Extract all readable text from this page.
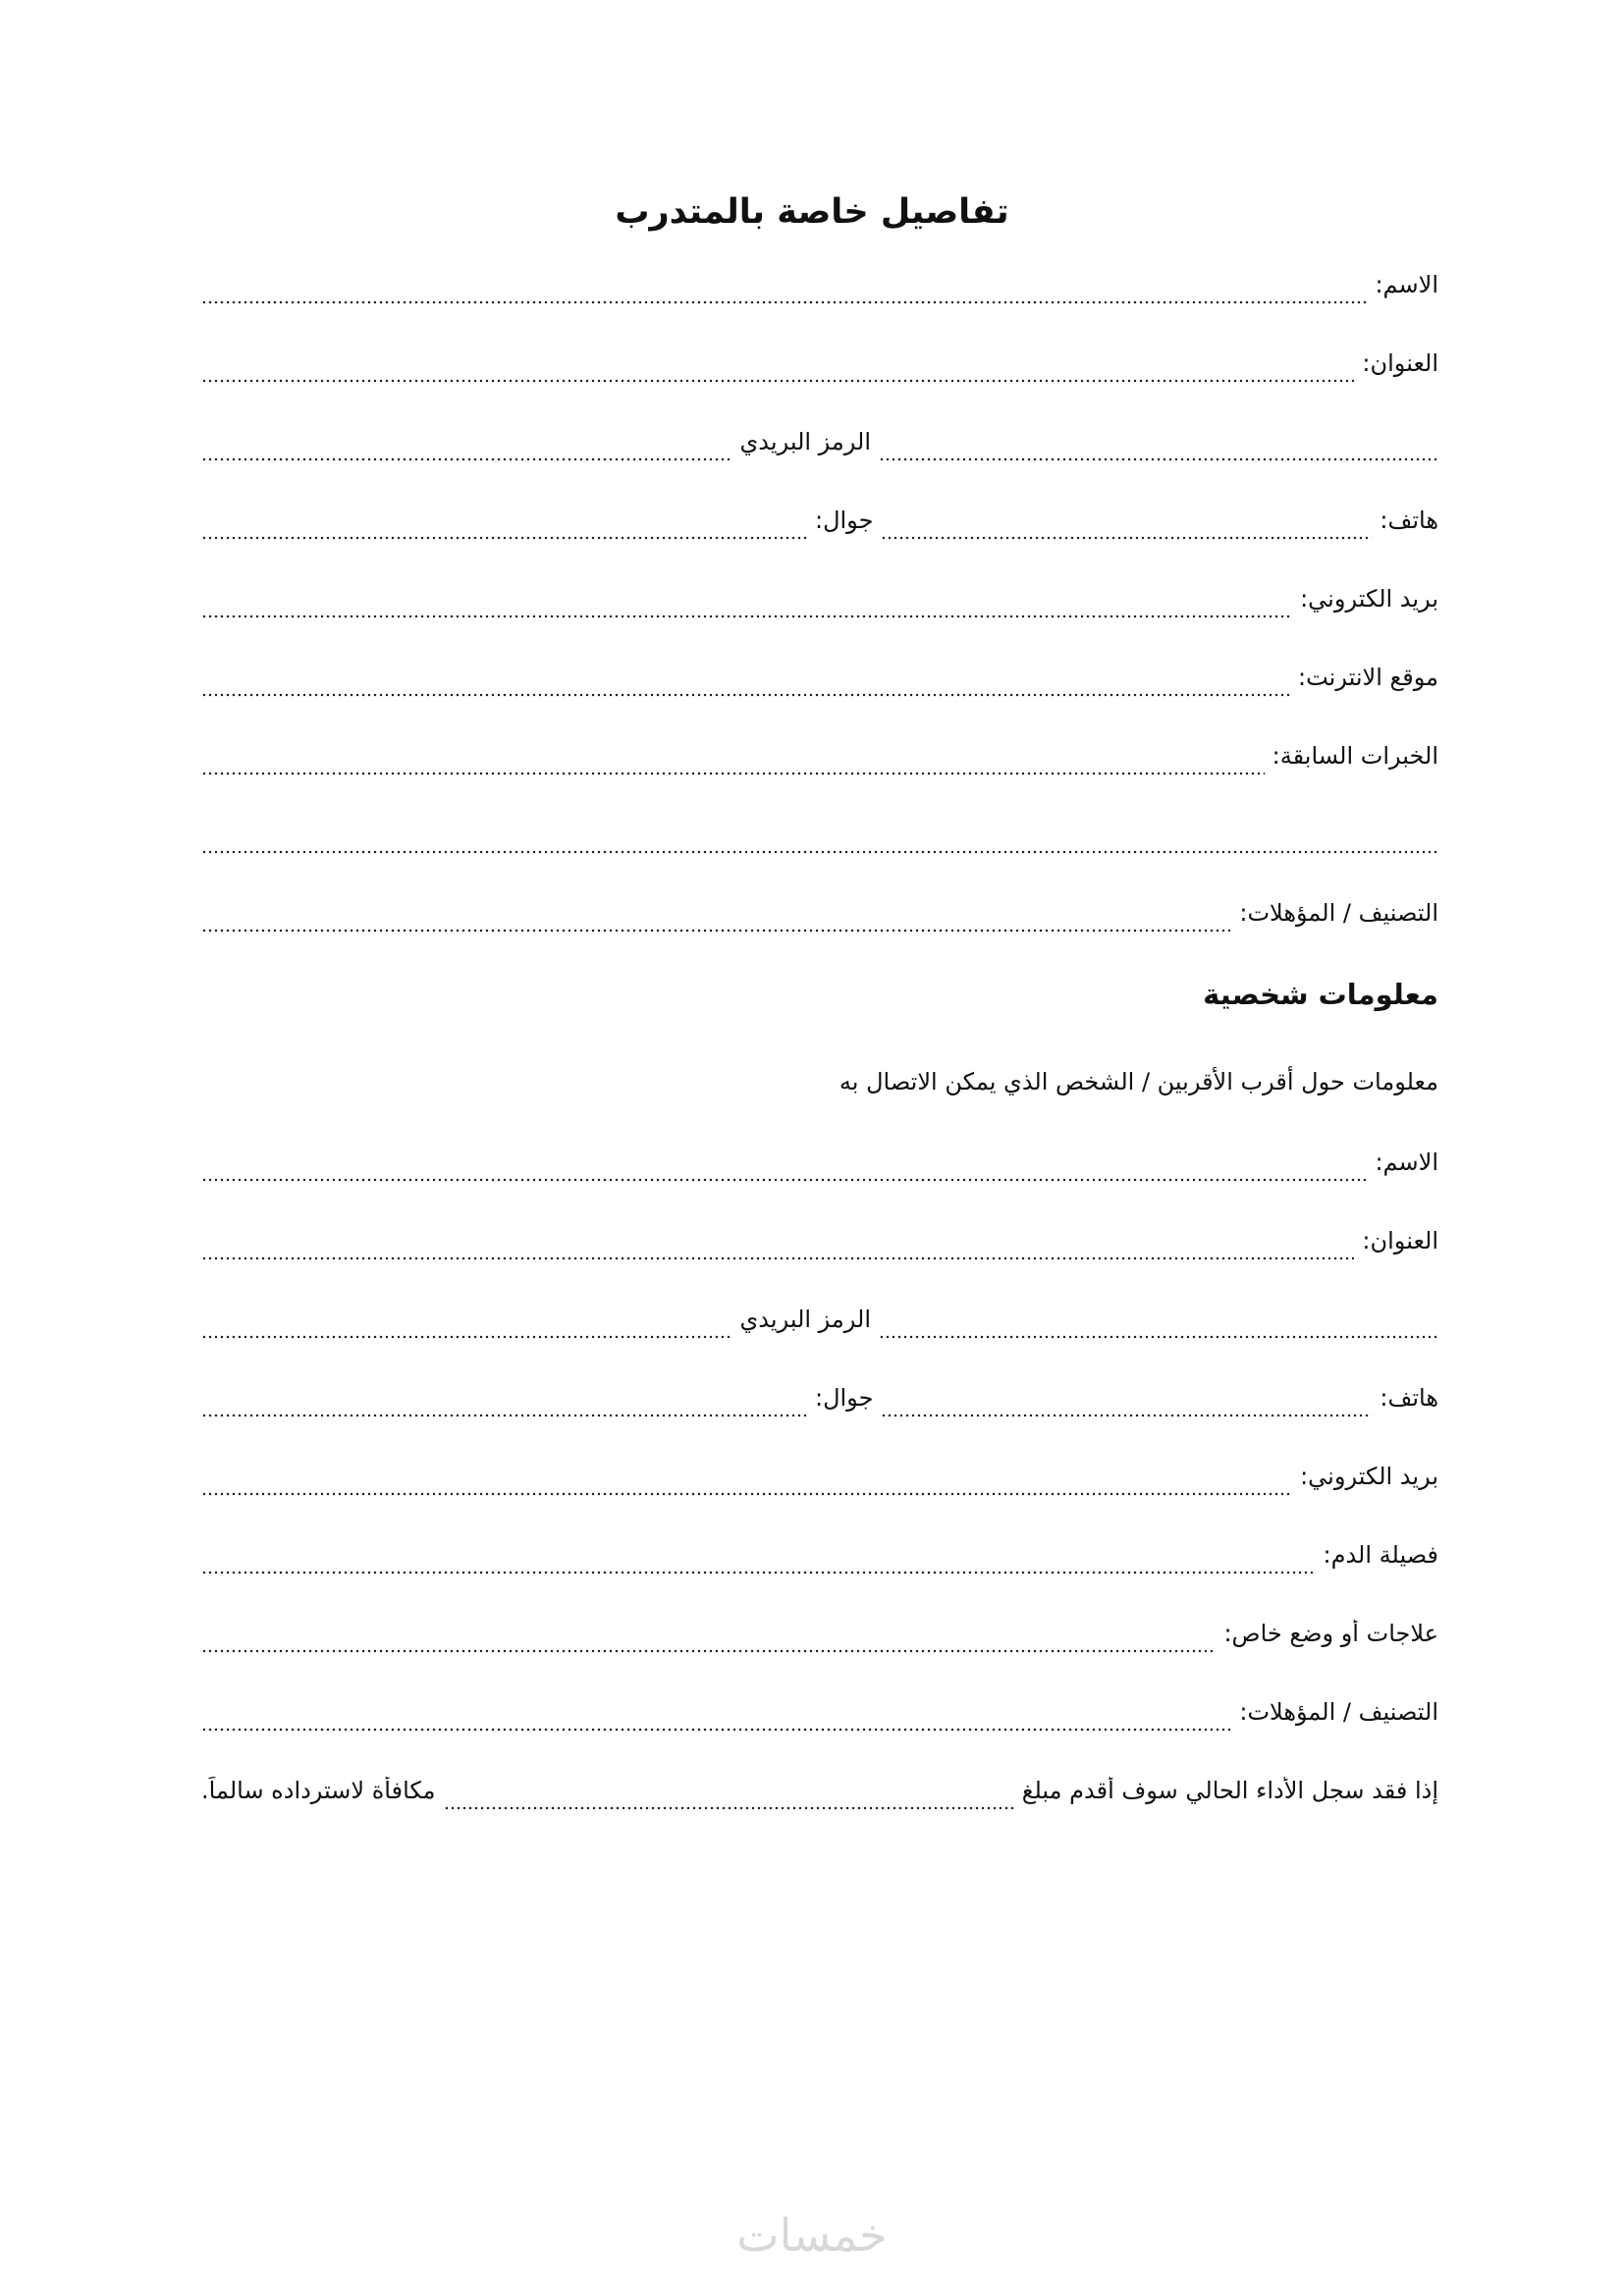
تفاصيل خاصة بالمتدرب
الاسم:
العنوان:
الرمز البريدي
هاتف:
جوال:
بريد الكتروني:
موقع الانترنت:
الخبرات السابقة:
التصنيف / المؤهلات:
معلومات شخصية
معلومات حول أقرب الأقربين / الشخص الذي يمكن الاتصال به
الاسم:
العنوان:
الرمز البريدي
هاتف:
جوال:
بريد الكتروني:
فصيلة الدم:
علاجات أو وضع خاص:
التصنيف / المؤهلات:
إذا فقد سجل الأداء الحالي سوف أقدم مبلغ
مكافأة لاسترداده سالماً.
خمسات
